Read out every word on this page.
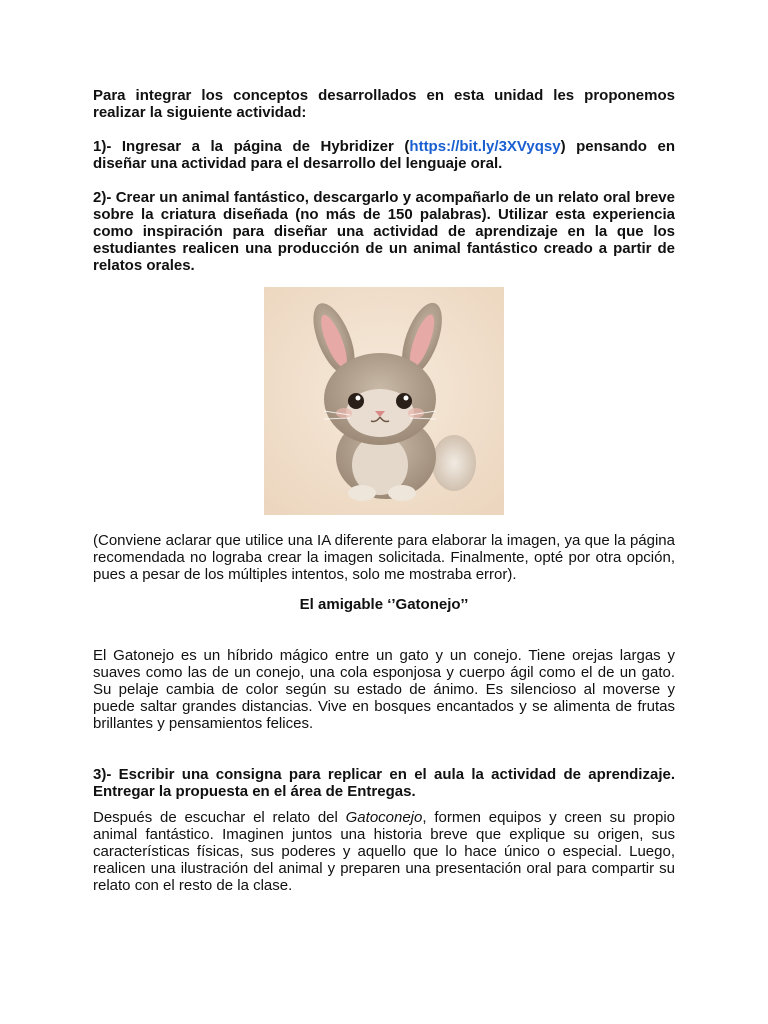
Para integrar los conceptos desarrollados en esta unidad les proponemos realizar la siguiente actividad:

1)- Ingresar a la página de Hybridizer (https://bit.ly/3XVyqsy) pensando en diseñar una actividad para el desarrollo del lenguaje oral.

2)- Crear un animal fantástico, descargarlo y acompañarlo de un relato oral breve sobre la criatura diseñada (no más de 150 palabras). Utilizar esta experiencia como inspiración para diseñar una actividad de aprendizaje en la que los estudiantes realicen una producción de un animal fantástico creado a partir de relatos orales.

(Conviene aclarar que utilice una IA diferente para elaborar la imagen, ya que la página recomendada no lograba crear la imagen solicitada. Finalmente, opté por otra opción, pues a pesar de los múltiples intentos, solo me mostraba error).

El amigable ‘’Gatonejo’’

El Gatonejo es un híbrido mágico entre un gato y un conejo. Tiene orejas largas y suaves como las de un conejo, una cola esponjosa y cuerpo ágil como el de un gato. Su pelaje cambia de color según su estado de ánimo. Es silencioso al moverse y puede saltar grandes distancias. Vive en bosques encantados y se alimenta de frutas brillantes y pensamientos felices.

3)- Escribir una consigna para replicar en el aula la actividad de aprendizaje. Entregar la propuesta en el área de Entregas.

Después de escuchar el relato del Gatoconejo, formen equipos y creen su propio animal fantástico. Imaginen juntos una historia breve que explique su origen, sus características físicas, sus poderes y aquello que lo hace único o especial. Luego, realicen una ilustración del animal y preparen una presentación oral para compartir su relato con el resto de la clase.
